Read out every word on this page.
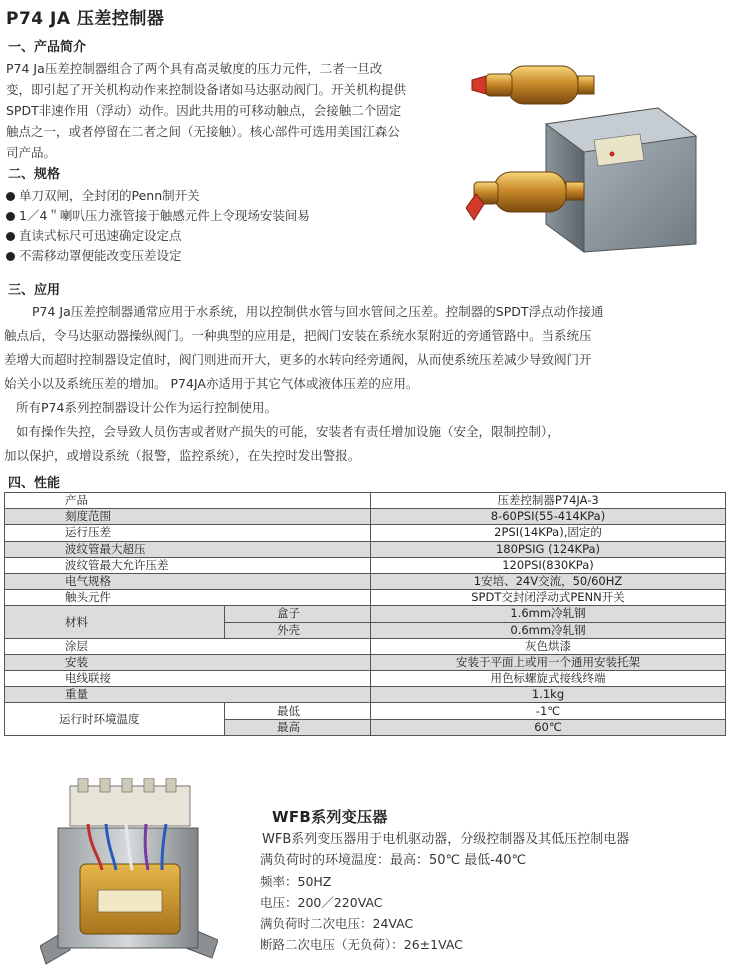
P74 JA 压差控制器
一、产品简介
P74 Ja压差控制器组合了两个具有高灵敏度的压力元件，二者一旦改
变，即引起了开关机构动作来控制设备诸如马达驱动阀门。开关机构提供
SPDT非速作用（浮动）动作。因此共用的可移动触点，会接触二个固定
触点之一，或者停留在二者之间（无接触）。核心部件可选用美国江森公
司产品。
二、规格
单刀双闸，全封闭的Penn制开关
1／4＂喇叭压力涨管接于触感元件上令现场安装间易
直读式标尺可迅速确定设定点
不需移动罩便能改变压差设定
三、应用
P74 Ja压差控制器通常应用于水系统，用以控制供水管与回水管间之压差。控制器的SPDT浮点动作接通
触点后，令马达驱动器操纵阀门。一种典型的应用是，把阀门安装在系统水泵附近的旁通管路中。当系统压
差增大而超时控制器设定值时，阀门则进而开大，更多的水转向经旁通阀，从而使系统压差减少导致阀门开
始关小以及系统压差的增加。 P74JA亦适用于其它气体或液体压差的应用。
所有P74系列控制器设计公作为运行控制使用。
如有操作失控，会导致人员伤害或者财产损失的可能，安装者有责任增加设施（安全，限制控制），
加以保护，或增设系统（报警，监控系统），在失控时发出警报。
四、性能
产品		压差控制器P74JA-3
刻度范围		8-60PSI(55-414KPa)
运行压差		2PSI(14KPa),固定的
波纹管最大超压		180PSIG (124KPa)
波纹管最大允许压差		120PSI(830KPa)
电气规格		1安培、24V交流，50/60HZ
触头元件		SPDT交封闭浮动式PENN开关
材料	盒子	1.6mm冷轧钢
	外壳	0.6mm冷轧钢
涂层		灰色烘漆
安装		安装于平面上或用一个通用安装托架
电线联接		用色标螺旋式接线终端
重量		1.1kg
运行时环境温度	最低	-1℃
	最高	60℃
WFB系列变压器
WFB系列变压器用于电机驱动器，分级控制器及其低压控制电器
满负荷时的环境温度：最高：50℃ 最低-40℃
频率：50HZ
电压：200／220VAC
满负荷时二次电压：24VAC
断路二次电压（无负荷）：26±1VAC
